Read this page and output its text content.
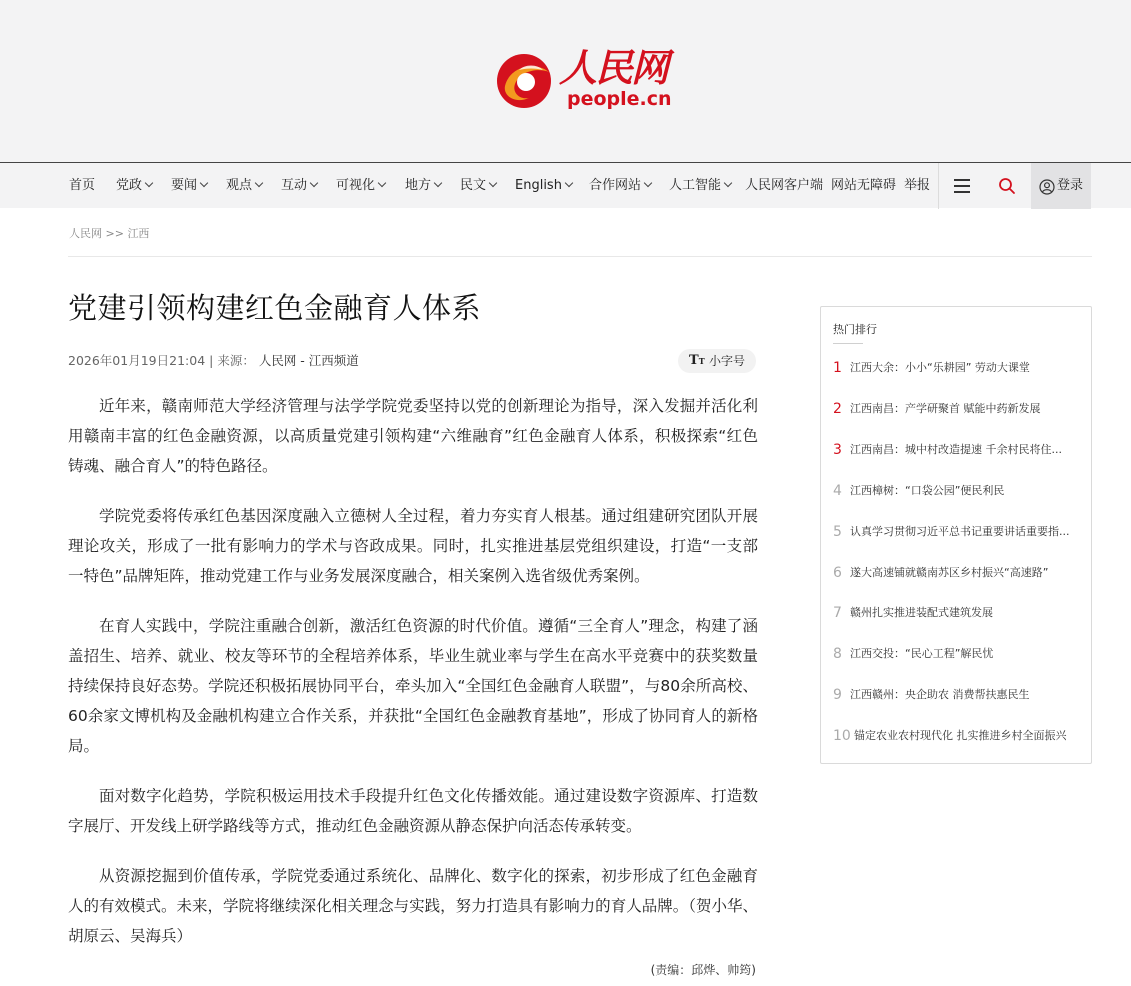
人民网
people.cn
首页 党政	要闻	观点	互动	可视化	地方	民文	English	合作网站	人工智能	人民网客户端 网站无障碍 举报	登录
人民网 >> 江西
党建引领构建红色金融育人体系
2026年01月19日21:04 | 来源： 人民网 - 江西频道	TT 小字号

近年来，赣南师范大学经济管理与法学学院党委坚持以党的创新理论为指导，深入发掘并活化利用赣南丰富的红色金融资源，以高质量党建引领构建“六维融育”红色金融育人体系，积极探索“红色铸魂、融合育人”的特色路径。

学院党委将传承红色基因深度融入立德树人全过程，着力夯实育人根基。通过组建研究团队开展理论攻关，形成了一批有影响力的学术与咨政成果。同时，扎实推进基层党组织建设，打造“一支部一特色”品牌矩阵，推动党建工作与业务发展深度融合，相关案例入选省级优秀案例。

在育人实践中，学院注重融合创新，激活红色资源的时代价值。遵循“三全育人”理念，构建了涵盖招生、培养、就业、校友等环节的全程培养体系，毕业生就业率与学生在高水平竞赛中的获奖数量持续保持良好态势。学院还积极拓展协同平台，牵头加入“全国红色金融育人联盟”，与80余所高校、60余家文博机构及金融机构建立合作关系，并获批“全国红色金融教育基地”，形成了协同育人的新格局。

面对数字化趋势，学院积极运用技术手段提升红色文化传播效能。通过建设数字资源库、打造数字展厅、开发线上研学路线等方式，推动红色金融资源从静态保护向活态传承转变。

从资源挖掘到价值传承，学院党委通过系统化、品牌化、数字化的探索，初步形成了红色金融育人的有效模式。未来，学院将继续深化相关理念与实践，努力打造具有影响力的育人品牌。（贺小华、胡原云、吴海兵）

(责编：邱烨、帅筠)
热门排行
1 江西大余：小小“乐耕园” 劳动大课堂
2 江西南昌：产学研聚首 赋能中药新发展
3 江西南昌：城中村改造提速 千余村民将住...
4 江西樟树：“口袋公园”便民利民
5 认真学习贯彻习近平总书记重要讲话重要指...
6 遂大高速铺就赣南苏区乡村振兴“高速路”
7 赣州扎实推进装配式建筑发展
8 江西交投：“民心工程”解民忧
9 江西赣州：央企助农 消费帮扶惠民生
10 锚定农业农村现代化 扎实推进乡村全面振兴
